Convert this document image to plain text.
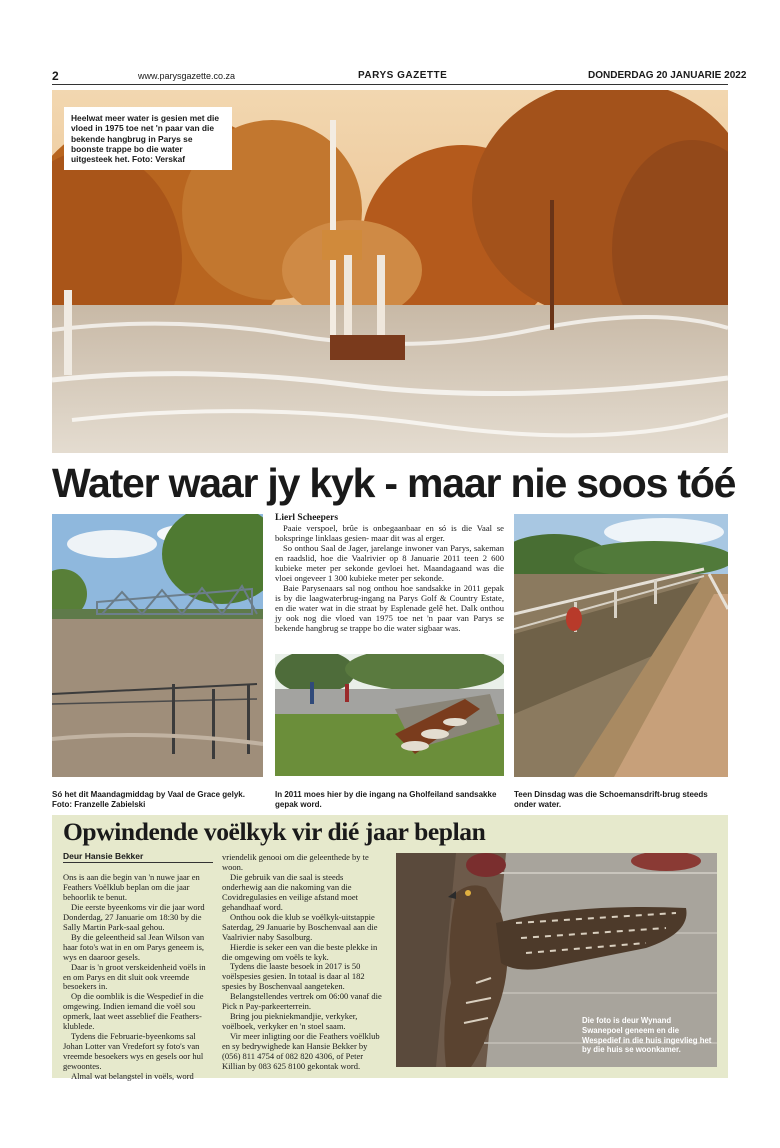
2	www.parysgazette.co.za	PARYS GAZETTE	DONDERDAG 20 JANUARIE 2022
Heelwat meer water is gesien met die vloed in 1975 toe net 'n paar van die bekende hangbrug in Parys se boonste trappe bo die water uitgesteek het. Foto: Verskaf
Water waar jy kyk - maar nie soos tóé
Lierl Scheepers

Paaie verspoel, brûe is onbegaanbaar en só is die Vaal se bokspringe linklaas gesien- maar dit was al erger.

So onthou Saal de Jager, jarelange inwoner van Parys, sakeman en raadslid, hoe die Vaalrivier op 8 Januarie 2011 teen 2 600 kubieke meter per sekonde gevloei het. Maandagaand was die vloei ongeveer 1 300 kubieke meter per sekonde.

Baie Parysenaars sal nog onthou hoe sandsakke in 2011 gepak is by die laagwaterbrug-ingang na Parys Golf & Country Estate, en die water wat in die straat by Esplenade gelê het. Dalk onthou jy ook nog die vloed van 1975 toe net 'n paar van Parys se bekende hangbrug se trappe bo die water sigbaar was.

Só het dit Maandagmiddag by Vaal de Grace gelyk. Foto: Franzelle Zabielski
In 2011 moes hier by die ingang na Gholfeiland sandsakke gepak word.
Teen Dinsdag was die Schoemansdrift-brug steeds onder water.
Opwindende voëlkyk vir dié jaar beplan
Deur Hansie Bekker

Ons is aan die begin van 'n nuwe jaar en Feathers Voëlklub beplan om die jaar behoorlik te benut.

Die eerste byeenkoms vir die jaar word Donderdag, 27 Januarie om 18:30 by die Sally Martin Park-saal gehou.

By die geleentheid sal Jean Wilson van haar foto's wat in en om Parys geneem is, wys en daaroor gesels.

Daar is 'n groot verskeidenheid voëls in en om Parys en dit sluit ook vreemde besoekers in.

Op die oomblik is die Wespedief in die omgewing. Indien iemand die voël sou opmerk, laat weet asseblief die Feathers-klublede.

Tydens die Februarie-byeenkoms sal Johan Lotter van Vredefort sy foto's van vreemde besoekers wys en gesels oor hul gewoontes.

Almal wat belangstel in voëls, word

vriendelik genooi om die geleenthede by te woon.

Die gebruik van die saal is steeds onderhewig aan die nakoming van die Covidregulasies en veilige afstand moet gehandhaaf word.

Onthou ook die klub se voëlkyk-uitstappie Saterdag, 29 Januarie by Boschenvaal aan die Vaalrivier naby Sasolburg.

Hierdie is seker een van die beste plekke in die omgewing om voëls te kyk.

Tydens die laaste besoek in 2017 is 50 voëlspesies gesien. In totaal is daar al 182 spesies by Boschenvaal aangeteken.

Belangstellendes vertrek om 06:00 vanaf die Pick n Pay-parkeerterrein.

Bring jou piekniekmandjie, verkyker, voëlboek, verkyker en 'n stoel saam.

Vir meer inligting oor die Feathers voëlklub en sy bedrywighede kan Hansie Bekker by (056) 811 4754 of 082 820 4306, of Peter Killian by 083 625 8100 gekontak word.

Die foto is deur Wynand Swanepoel geneem en die Wespedief in die huis ingevlieg het by die huis se woonkamer.
